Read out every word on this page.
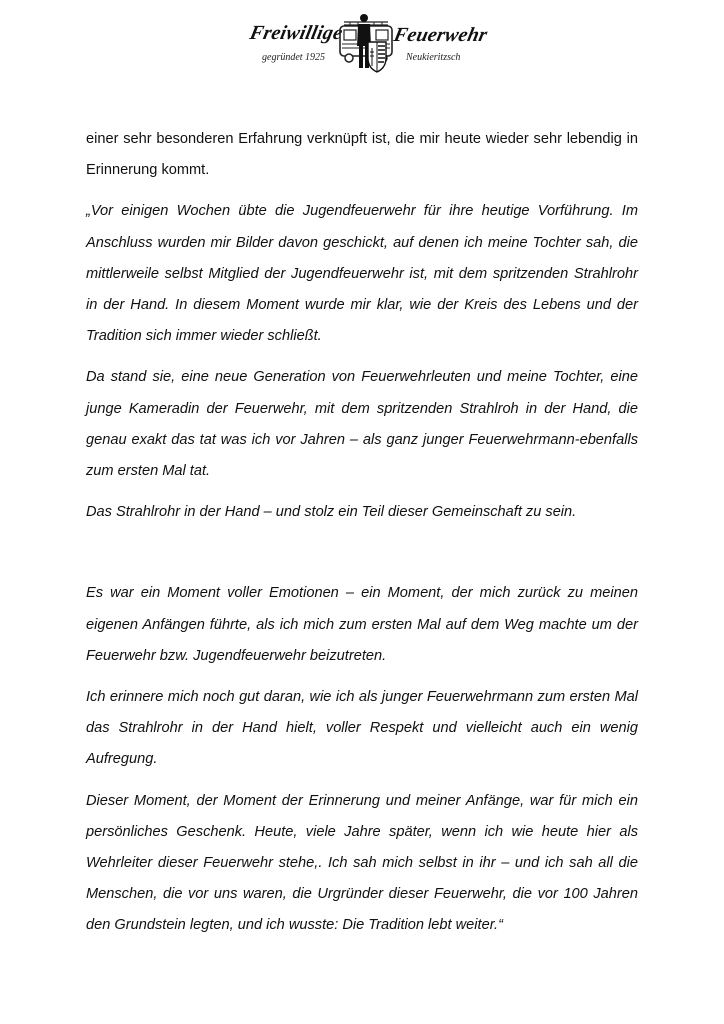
Freiwillige Feuerwehr
gegründet 1925	Neukieritzsch

einer sehr besonderen Erfahrung verknüpft ist, die mir heute wieder sehr lebendig in Erinnerung kommt.

„Vor einigen Wochen übte die Jugendfeuerwehr für ihre heutige Vorführung. Im Anschluss wurden mir Bilder davon geschickt, auf denen ich meine Tochter sah, die mittlerweile selbst Mitglied der Jugendfeuerwehr ist, mit dem spritzenden Strahlrohr in der Hand. In diesem Moment wurde mir klar, wie der Kreis des Lebens und der Tradition sich immer wieder schließt.

Da stand sie, eine neue Generation von Feuerwehrleuten und meine Tochter, eine junge Kameradin der Feuerwehr, mit dem spritzenden Strahlroh in der Hand, die genau exakt das tat was ich vor Jahren – als ganz junger Feuerwehrmann-ebenfalls zum ersten Mal tat.

Das Strahlrohr in der Hand – und stolz ein Teil dieser Gemeinschaft zu sein.

Es war ein Moment voller Emotionen – ein Moment, der mich zurück zu meinen eigenen Anfängen führte, als ich mich zum ersten Mal auf dem Weg machte um der Feuerwehr bzw. Jugendfeuerwehr beizutreten.

Ich erinnere mich noch gut daran, wie ich als junger Feuerwehrmann zum ersten Mal das Strahlrohr in der Hand hielt, voller Respekt und vielleicht auch ein wenig Aufregung.

Dieser Moment, der Moment der Erinnerung und meiner Anfänge, war für mich ein persönliches Geschenk. Heute, viele Jahre später, wenn ich wie heute hier als Wehrleiter dieser Feuerwehr stehe,. Ich sah mich selbst in ihr – und ich sah all die Menschen, die vor uns waren, die Urgründer dieser Feuerwehr, die vor 100 Jahren den Grundstein legten, und ich wusste: Die Tradition lebt weiter.“
